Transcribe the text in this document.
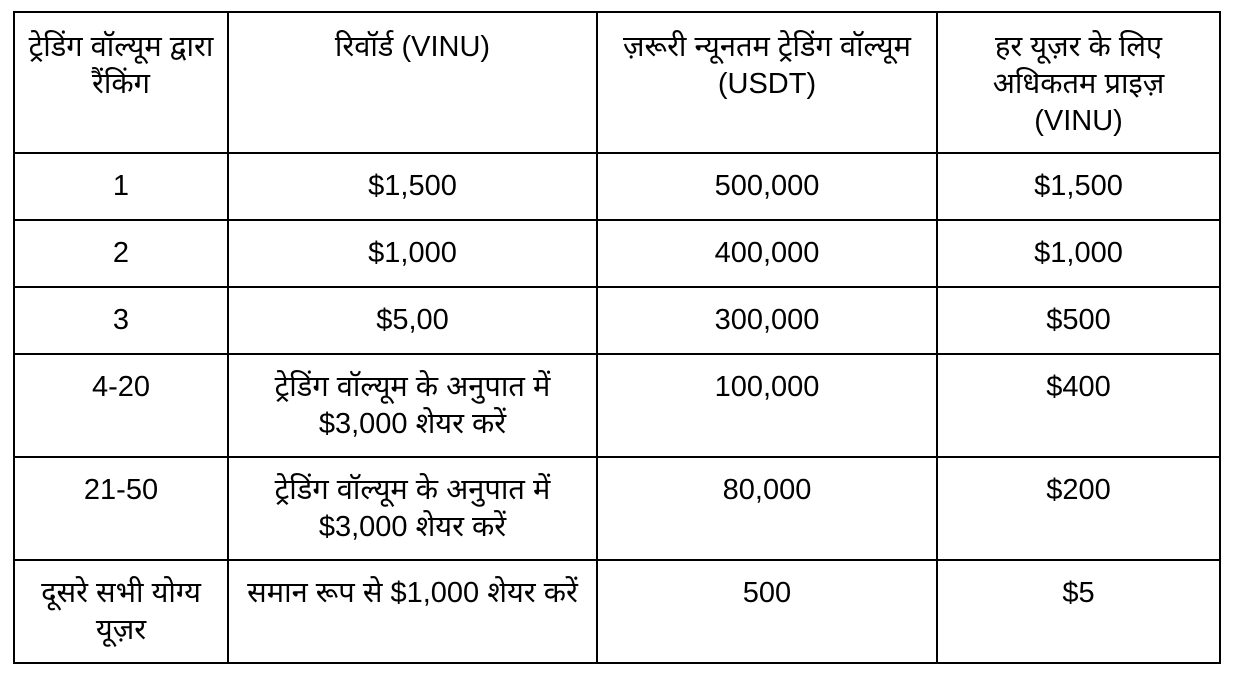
ट्रेडिंग वॉल्यूम द्वारा रैंकिंग	रिवॉर्ड (VINU)	ज़रूरी न्यूनतम ट्रेडिंग वॉल्यूम (USDT)	हर यूज़र के लिए अधिकतम प्राइज़ (VINU)
1	$1,500	500,000	$1,500
2	$1,000	400,000	$1,000
3	$5,00	300,000	$500
4-20	ट्रेडिंग वॉल्यूम के अनुपात में $3,000 शेयर करें	100,000	$400
21-50	ट्रेडिंग वॉल्यूम के अनुपात में $3,000 शेयर करें	80,000	$200
दूसरे सभी योग्य यूज़र	समान रूप से $1,000 शेयर करें	500	$5
